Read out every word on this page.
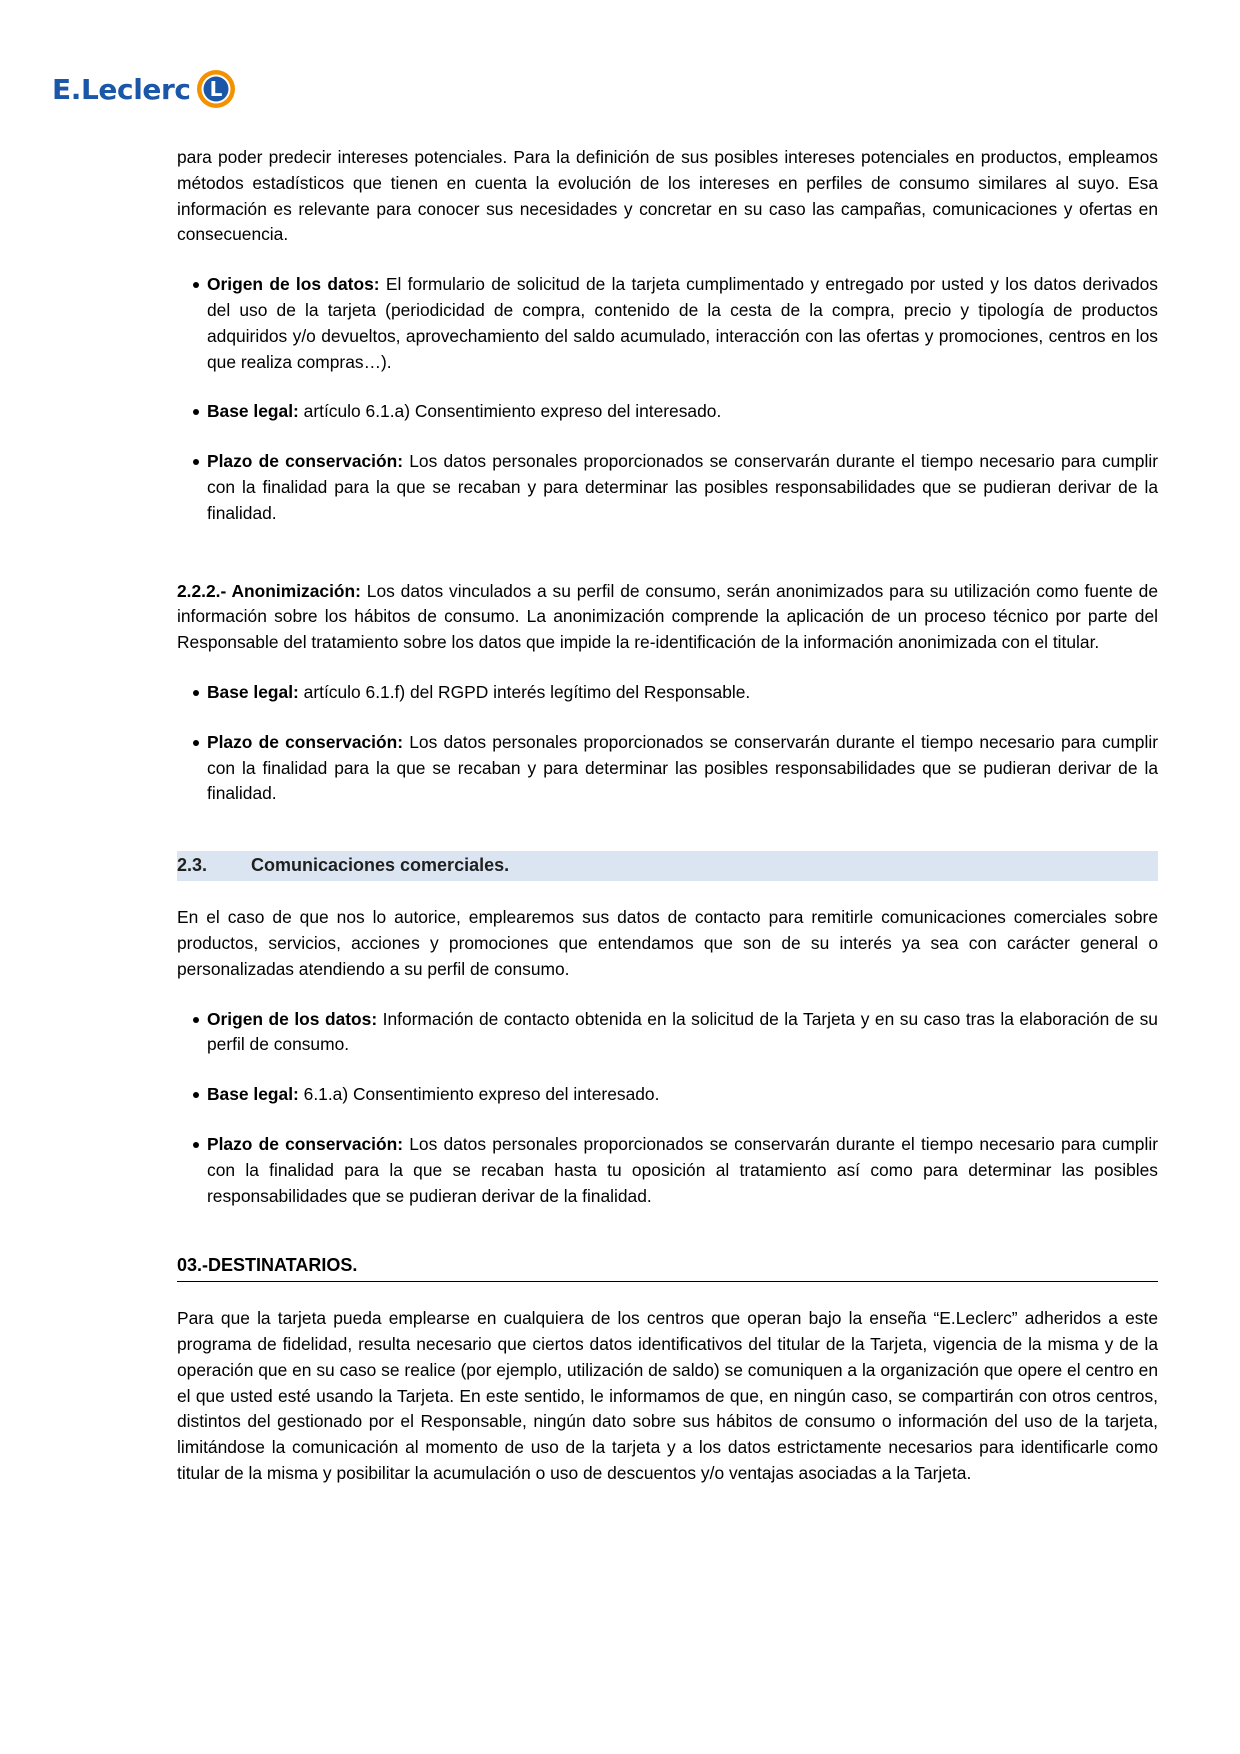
E.Leclerc L

para poder predecir intereses potenciales. Para la definición de sus posibles intereses potenciales en productos, empleamos métodos estadísticos que tienen en cuenta la evolución de los intereses en perfiles de consumo similares al suyo. Esa información es relevante para conocer sus necesidades y concretar en su caso las campañas, comunicaciones y ofertas en consecuencia.

Origen de los datos: El formulario de solicitud de la tarjeta cumplimentado y entregado por usted y los datos derivados del uso de la tarjeta (periodicidad de compra, contenido de la cesta de la compra, precio y tipología de productos adquiridos y/o devueltos, aprovechamiento del saldo acumulado, interacción con las ofertas y promociones, centros en los que realiza compras…).
Base legal: artículo 6.1.a) Consentimiento expreso del interesado.
Plazo de conservación: Los datos personales proporcionados se conservarán durante el tiempo necesario para cumplir con la finalidad para la que se recaban y para determinar las posibles responsabilidades que se pudieran derivar de la finalidad.

2.2.2.- Anonimización: Los datos vinculados a su perfil de consumo, serán anonimizados para su utilización como fuente de información sobre los hábitos de consumo. La anonimización comprende la aplicación de un proceso técnico por parte del Responsable del tratamiento sobre los datos que impide la re-identificación de la información anonimizada con el titular.

Base legal: artículo 6.1.f) del RGPD interés legítimo del Responsable.
Plazo de conservación: Los datos personales proporcionados se conservarán durante el tiempo necesario para cumplir con la finalidad para la que se recaban y para determinar las posibles responsabilidades que se pudieran derivar de la finalidad.
2.3.	Comunicaciones comerciales.

En el caso de que nos lo autorice, emplearemos sus datos de contacto para remitirle comunicaciones comerciales sobre productos, servicios, acciones y promociones que entendamos que son de su interés ya sea con carácter general o personalizadas atendiendo a su perfil de consumo.

Origen de los datos: Información de contacto obtenida en la solicitud de la Tarjeta y en su caso tras la elaboración de su perfil de consumo.
Base legal: 6.1.a) Consentimiento expreso del interesado.
Plazo de conservación: Los datos personales proporcionados se conservarán durante el tiempo necesario para cumplir con la finalidad para la que se recaban hasta tu oposición al tratamiento así como para determinar las posibles responsabilidades que se pudieran derivar de la finalidad.
03.-DESTINATARIOS.

Para que la tarjeta pueda emplearse en cualquiera de los centros que operan bajo la enseña “E.Leclerc” adheridos a este programa de fidelidad, resulta necesario que ciertos datos identificativos del titular de la Tarjeta, vigencia de la misma y de la operación que en su caso se realice (por ejemplo, utilización de saldo) se comuniquen a la organización que opere el centro en el que usted esté usando la Tarjeta. En este sentido, le informamos de que, en ningún caso, se compartirán con otros centros, distintos del gestionado por el Responsable, ningún dato sobre sus hábitos de consumo o información del uso de la tarjeta, limitándose la comunicación al momento de uso de la tarjeta y a los datos estrictamente necesarios para identificarle como titular de la misma y posibilitar la acumulación o uso de descuentos y/o ventajas asociadas a la Tarjeta.
